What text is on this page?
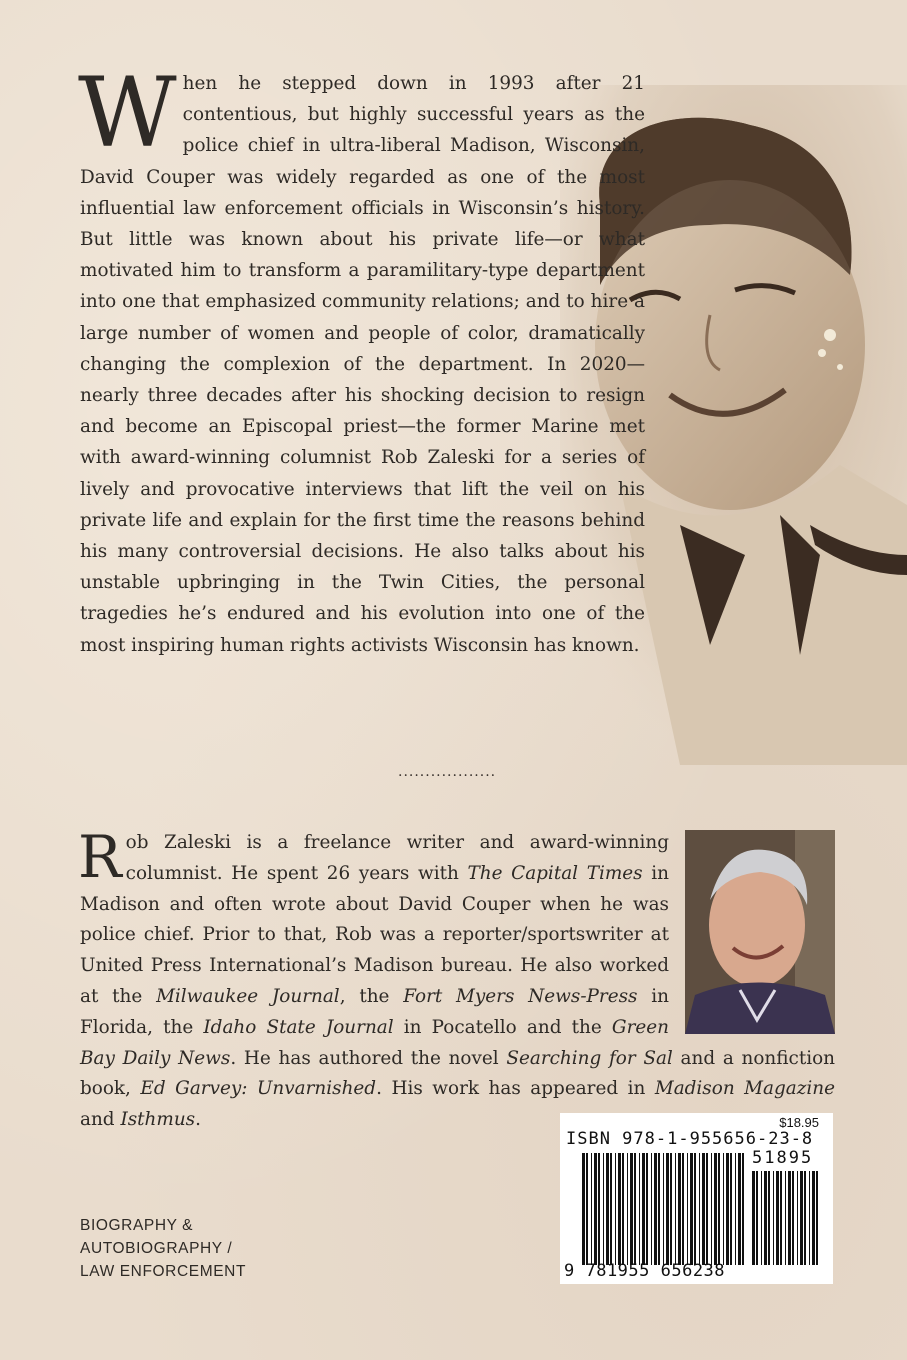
When he stepped down in 1993 after 21 contentious, but highly successful years as the police chief in ultra-liberal Madison, Wisconsin, David Couper was widely regarded as one of the most influential law enforcement officials in Wisconsin’s history. But little was known about his private life—or what motivated him to transform a paramilitary-type department into one that emphasized community relations; and to hire a large number of women and people of color, dramatically changing the complexion of the department. In 2020—nearly three decades after his shocking decision to resign and become an Episcopal priest—the former Marine met with award-winning columnist Rob Zaleski for a series of lively and provocative interviews that lift the veil on his private life and explain for the first time the reasons behind his many controversial decisions. He also talks about his unstable upbringing in the Twin Cities, the personal tragedies he’s endured and his evolution into one of the most inspiring human rights activists Wisconsin has known.
..................
Rob Zaleski is a freelance writer and award-winning columnist. He spent 26 years with The Capital Times in Madison and often wrote about David Couper when he was police chief. Prior to that, Rob was a reporter/sportswriter at United Press International’s Madison bureau. He also worked at the Milwaukee Journal, the Fort Myers News-Press in Florida, the Idaho State Journal in Pocatello and the Green Bay Daily News. He has authored the novel Searching for Sal and a nonfiction book, Ed Garvey: Unvarnished. His work has appeared in Madison Magazine and Isthmus.
BIOGRAPHY &
AUTOBIOGRAPHY /
LAW ENFORCEMENT
$18.95
ISBN 978-1-955656-23-8
51895
9 781955 656238
